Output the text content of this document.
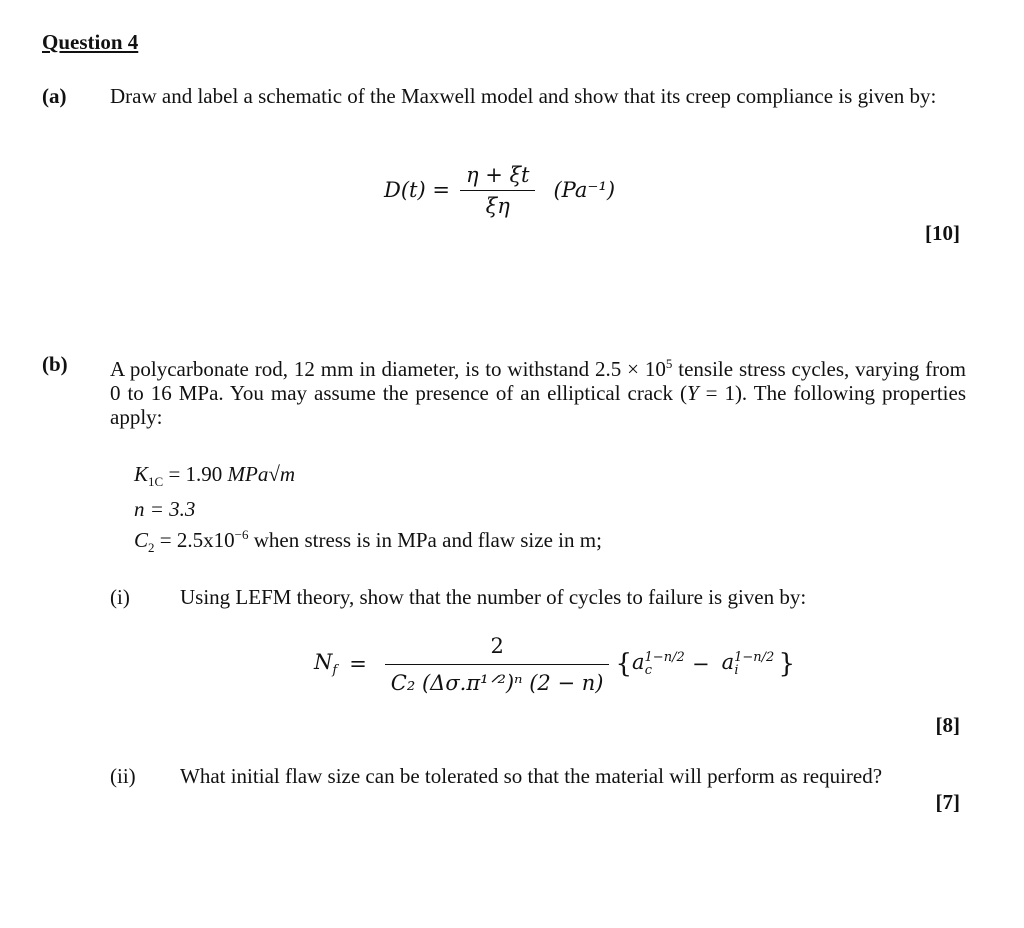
Question 4
(a) Draw and label a schematic of the Maxwell model and show that its creep compliance is given by:
$D(t) = \frac{\eta + \xi t}{\xi\eta} (Pa^{-1})$
[10]
(b) A polycarbonate rod, 12 mm in diameter, is to withstand $2.5 \times 10^5$ tensile stress cycles, varying from 0 to 16 MPa. You may assume the presence of an elliptical crack (Y = 1). The following properties apply:
$K_{1C} = 1.90$ MPa√m
n = 3.3
$C_2 = 2.5x10^{-6}$ when stress is in MPa and flaw size in m;
(i) Using LEFM theory, show that the number of cycles to failure is given by:
$N_f = \frac{2}{\text{C₂ (Δσ.π¹ᐟ²)ⁿ (2 − n)}}$ { $a^{1-n/2}_c - a^{1-n/2}_i$ }
[8]
(ii) What initial flaw size can be tolerated so that the material will perform as required?
[7]
